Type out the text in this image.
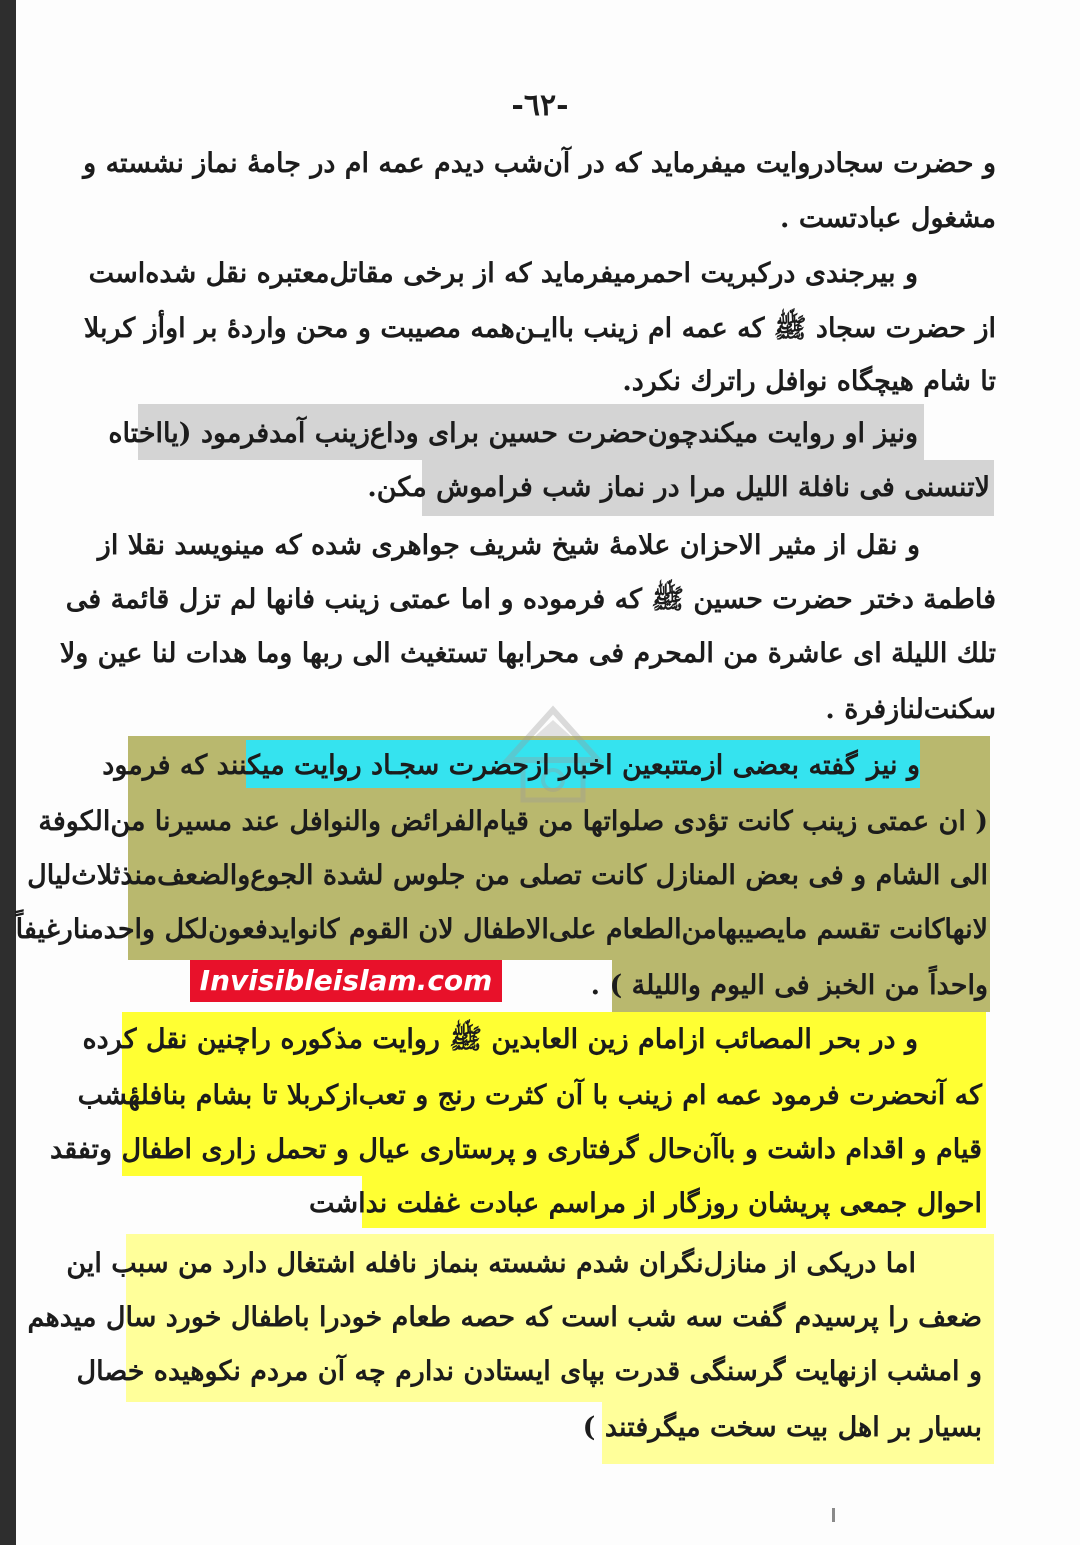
-٦٢-
و حضرت سجادروایت میفرماید که در آن‌شب دیدم عمه ام در جامهٔ نماز نشسته و
مشغول عبادتست .
و بیرجندی درکبریت احمرمیفرماید که از برخی مقاتل‌معتبره نقل شده‌است
از حضرت سجاد ﷺ که عمه ام زینب باایـن‌همه مصیبت و محن واردهٔ بر اوأز کربلا
تا شام هیچگاه نوافل راترك نکرد.
ونیز او روایت میکندچون‌حضرت حسین برای وداع‌زینب آمدفرمود (یااختاه
لاتنسنی فی نافلة اللیل مرا در نماز شب فراموش مکن.
و نقل از مثیر الاحزان علامهٔ شیخ شریف جواهری شده که مینویسد نقلا از
فاطمة دختر حضرت حسین ﷺ که فرموده و اما عمتی زینب فانها لم تزل قائمة فی
تلك اللیلة ای عاشرة من المحرم فی محرابها تستغیث الی ربها وما هدات لنا عین ولا
سکنت‌لنازفرة .
و نیز گفته بعضی ازمتتبعین اخبار ازحضرت سجـاد روایت میکنند که فرمود
( ان عمتی زینب کانت تؤدی صلواتها من قیام‌الفرائض والنوافل عند مسیرنا من‌الکوفة
الی الشام و فی بعض المنازل کانت تصلی من جلوس لشدة الجوع‌والضعف‌منذثلاث‌لیال
لانهاکانت تقسم مایصیبهامن‌الطعام علی‌الاطفال لان القوم کانوایدفعون‌لکل واحدمنارغیفاً
واحداً من الخبز فی الیوم واللیلة ) .
و در بحر المصائب ازامام زین العابدین ﷺ روایت مذکوره راچنین نقل کرده
که آنحضرت فرمود عمه ام زینب با آن کثرت رنج و تعب‌ازکربلا تا بشام بنافلهٔشب
قیام و اقدام داشت و باآن‌حال گرفتاری و پرستاری عیال و تحمل زاری اطفال وتفقد
احوال جمعی پریشان روزگار از مراسم عبادت غفلت نداشت
اما دریکی از منازل‌نگران شدم نشسته بنماز نافله اشتغال دارد من سبب این
ضعف را پرسیدم گفت سه شب است که حصه طعام خودرا باطفال خورد سال میدهم
و امشب ازنهایت گرسنگی قدرت بپای ایستادن ندارم چه آن مردم نکوهیده خصال
بسیار بر اهل بیت سخت میگرفتند )
Invisibleislam.com
